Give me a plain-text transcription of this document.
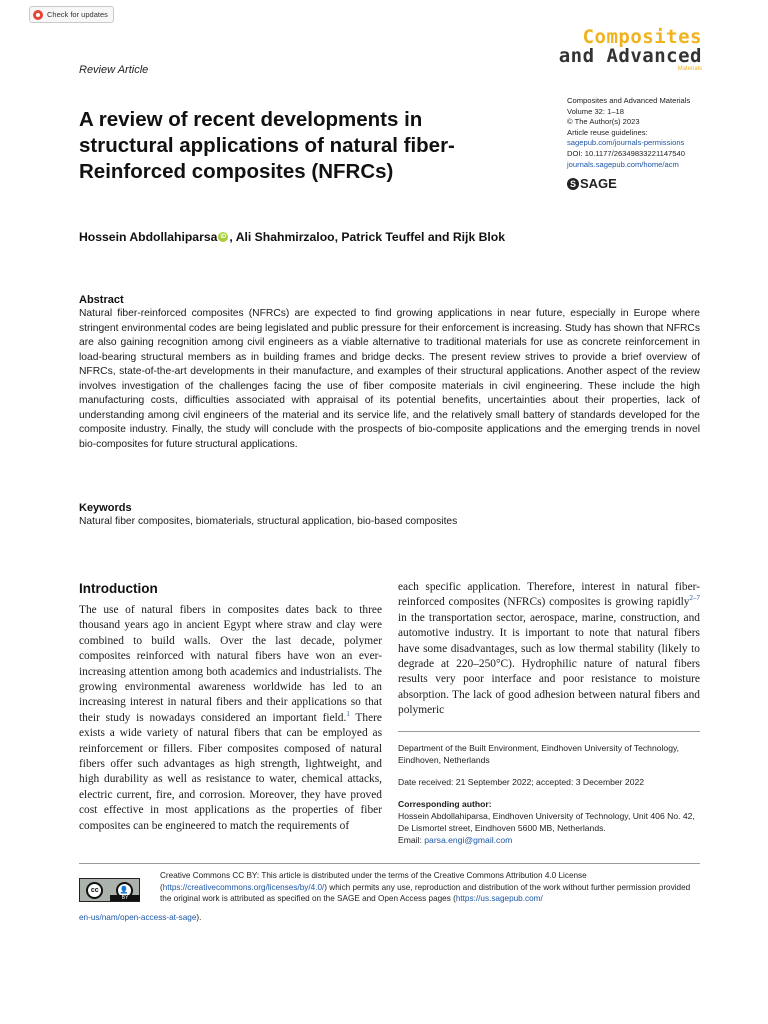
Check for updates
Composites
and Advanced
Materials
Review Article
A review of recent developments in structural applications of natural fiber-Reinforced composites (NFRCs)
Composites and Advanced Materials
Volume 32: 1–18
© The Author(s) 2023
Article reuse guidelines:
sagepub.com/journals-permissions
DOI: 10.1177/26349833221147540
journals.sagepub.com/home/acm
S SAGE
Hossein Abdollahiparsa iD , Ali Shahmirzaloo, Patrick Teuffel and Rijk Blok
Abstract
Natural fiber-reinforced composites (NFRCs) are expected to find growing applications in near future, especially in Europe where stringent environmental codes are being legislated and public pressure for their enforcement is increasing. Study has shown that NFRCs are also gaining recognition among civil engineers as a viable alternative to traditional materials for use as concrete reinforcement in load-bearing structural members as in building frames and bridge decks. The present review strives to provide a brief overview of NFRCs, state-of-the-art developments in their manufacture, and examples of their structural applications. Another aspect of the review involves investigation of the challenges facing the use of fiber composite materials in civil engineering. These include the high manufacturing costs, difficulties associated with appraisal of its potential benefits, uncertainties about their properties, lack of understanding among civil engineers of the material and its service life, and the relatively small battery of standards developed for the composite industry. Finally, the study will conclude with the prospects of bio-composite applications and the emerging trends in novel bio-composites for future structural applications.
Keywords
Natural fiber composites, biomaterials, structural application, bio-based composites
Introduction
The use of natural fibers in composites dates back to three thousand years ago in ancient Egypt where straw and clay were combined to build walls. Over the last decade, polymer composites reinforced with natural fibers have won an ever-increasing attention among both academics and industrialists. The growing environmental awareness worldwide has led to an increasing interest in natural fibers and their applications so that their study is nowadays considered an important field.$^1$ There exists a wide variety of natural fibers that can be employed as reinforcement or fillers. Fiber composites composed of natural fibers offer such advantages as high strength, lightweight, and high durability as well as resistance to water, chemical attacks, electric current, fire, and corrosion. Moreover, they have proved cost effective in most applications as the properties of fiber composites can be engineered to match the requirements of
each specific application. Therefore, interest in natural fiber-reinforced composites (NFRCs) composites is growing rapidly$^{2-7}$ in the transportation sector, aerospace, marine, construction, and automotive industry. It is important to note that natural fibers have some disadvantages, such as low thermal stability (likely to degrade at 220–250°C). Hydrophilic nature of natural fibers results very poor interface and poor resistance to moisture absorption. The lack of good adhesion between natural fibers and polymeric
Department of the Built Environment, Eindhoven University of Technology, Eindhoven, Netherlands
Date received: 21 September 2022; accepted: 3 December 2022
Corresponding author:
Hossein Abdollahiparsa, Eindhoven University of Technology, Unit 406 No. 42, De Lismortel street, Eindhoven 5600 MB, Netherlands.
Email: parsa.engi@gmail.com
cc	👤
BY
Creative Commons CC BY: This article is distributed under the terms of the Creative Commons Attribution 4.0 License (https://creativecommons.org/licenses/by/4.0/) which permits any use, reproduction and distribution of the work without further permission provided the original work is attributed as specified on the SAGE and Open Access pages (https://us.sagepub.com/
en-us/nam/open-access-at-sage).
